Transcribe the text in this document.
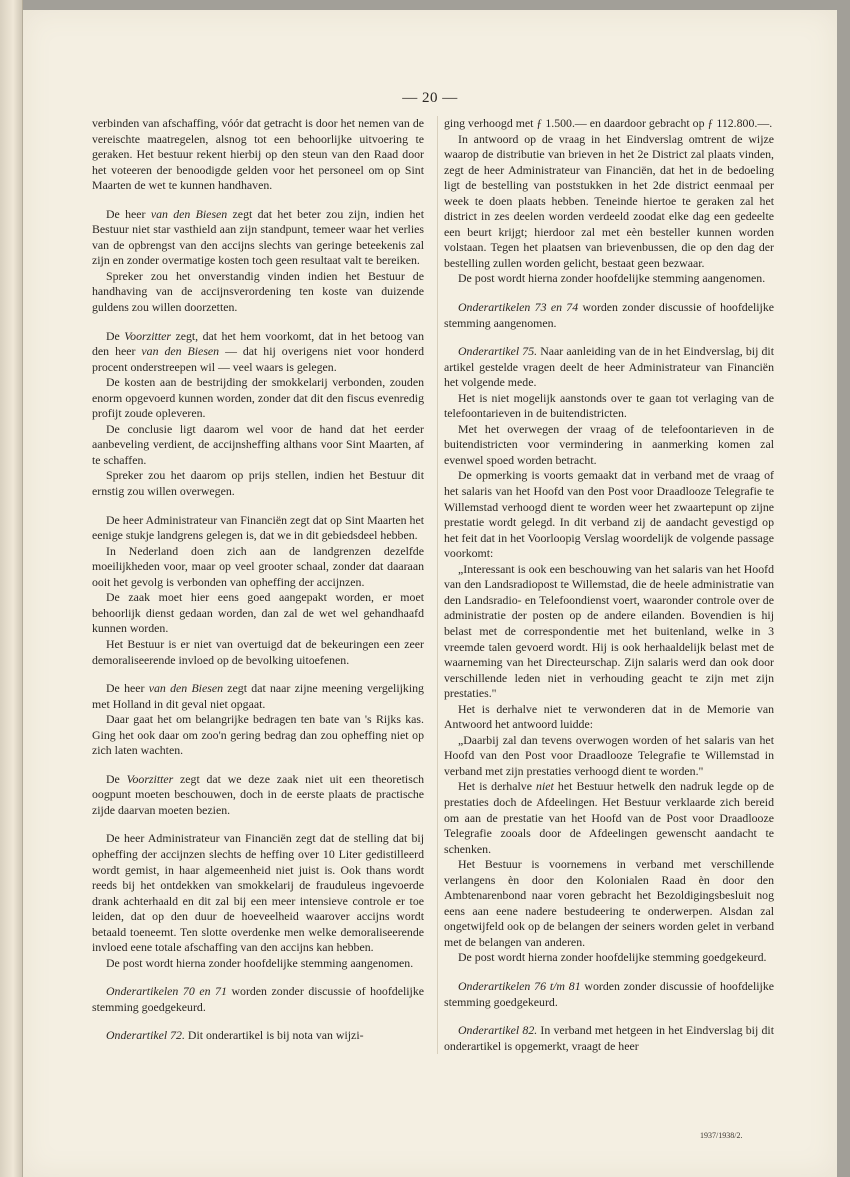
— 20 —

verbinden van afschaffing, vóór dat getracht is door het nemen van de vereischte maatregelen, alsnog tot een behoorlijke uitvoering te geraken. Het bestuur rekent hierbij op den steun van den Raad door het voteeren der benoodigde gelden voor het personeel om op Sint Maarten de wet te kunnen handhaven.

De heer van den Biesen zegt dat het beter zou zijn, indien het Bestuur niet star vasthield aan zijn standpunt, temeer waar het verlies van de opbrengst van den accijns slechts van geringe beteekenis zal zijn en zonder overmatige kosten toch geen resultaat valt te bereiken.

Spreker zou het onverstandig vinden indien het Bestuur de handhaving van de accijnsverordening ten koste van duizende guldens zou willen doorzetten.

De Voorzitter zegt, dat het hem voorkomt, dat in het betoog van den heer van den Biesen — dat hij overigens niet voor honderd procent onderstreepen wil — veel waars is gelegen.

De kosten aan de bestrijding der smokkelarij verbonden, zouden enorm opgevoerd kunnen worden, zonder dat dit den fiscus evenredig profijt zoude opleveren.

De conclusie ligt daarom wel voor de hand dat het eerder aanbeveling verdient, de accijnsheffing althans voor Sint Maarten, af te schaffen.

Spreker zou het daarom op prijs stellen, indien het Bestuur dit ernstig zou willen overwegen.

De heer Administrateur van Financiën zegt dat op Sint Maarten het eenige stukje landgrens gelegen is, dat we in dit gebiedsdeel hebben.

In Nederland doen zich aan de landgrenzen dezelfde moeilijkheden voor, maar op veel grooter schaal, zonder dat daaraan ooit het gevolg is verbonden van opheffing der accijnzen.

De zaak moet hier eens goed aangepakt worden, er moet behoorlijk dienst gedaan worden, dan zal de wet wel gehandhaafd kunnen worden.

Het Bestuur is er niet van overtuigd dat de bekeuringen een zeer demoraliseerende invloed op de bevolking uitoefenen.

De heer van den Biesen zegt dat naar zijne meening vergelijking met Holland in dit geval niet opgaat.

Daar gaat het om belangrijke bedragen ten bate van 's Rijks kas. Ging het ook daar om zoo'n gering bedrag dan zou opheffing niet op zich laten wachten.

De Voorzitter zegt dat we deze zaak niet uit een theoretisch oogpunt moeten beschouwen, doch in de eerste plaats de practische zijde daarvan moeten bezien.

De heer Administrateur van Financiën zegt dat de stelling dat bij opheffing der accijnzen slechts de heffing over 10 Liter gedistilleerd wordt gemist, in haar algemeenheid niet juist is. Ook thans wordt reeds bij het ontdekken van smokkelarij de frauduleus ingevoerde drank achterhaald en dit zal bij een meer intensieve controle er toe leiden, dat op den duur de hoeveelheid waarover accijns wordt betaald toeneemt. Ten slotte overdenke men welke demoraliseerende invloed eene totale afschaffing van den accijns kan hebben.

De post wordt hierna zonder hoofdelijke stemming aangenomen.

Onderartikelen 70 en 71 worden zonder discussie of hoofdelijke stemming goedgekeurd.

Onderartikel 72. Dit onderartikel is bij nota van wijzi-

ging verhoogd met ƒ 1.500.— en daardoor gebracht op ƒ 112.800.—.

In antwoord op de vraag in het Eindverslag omtrent de wijze waarop de distributie van brieven in het 2e District zal plaats vinden, zegt de heer Administrateur van Financiën, dat het in de bedoeling ligt de bestelling van poststukken in het 2de district eenmaal per week te doen plaats hebben. Teneinde hiertoe te geraken zal het district in zes deelen worden verdeeld zoodat elke dag een gedeelte een beurt krijgt; hierdoor zal met eèn besteller kunnen worden volstaan. Tegen het plaatsen van brievenbussen, die op den dag der bestelling zullen worden gelicht, bestaat geen bezwaar.

De post wordt hierna zonder hoofdelijke stemming aangenomen.

Onderartikelen 73 en 74 worden zonder discussie of hoofdelijke stemming aangenomen.

Onderartikel 75. Naar aanleiding van de in het Eindverslag, bij dit artikel gestelde vragen deelt de heer Administrateur van Financiën het volgende mede.

Het is niet mogelijk aanstonds over te gaan tot verlaging van de telefoontarieven in de buitendistricten.

Met het overwegen der vraag of de telefoontarieven in de buitendistricten voor vermindering in aanmerking komen zal evenwel spoed worden betracht.

De opmerking is voorts gemaakt dat in verband met de vraag of het salaris van het Hoofd van den Post voor Draadlooze Telegrafie te Willemstad verhoogd dient te worden weer het zwaartepunt op zijne prestatie wordt gelegd. In dit verband zij de aandacht gevestigd op het feit dat in het Voorloopig Verslag woordelijk de volgende passage voorkomt:

„Interessant is ook een beschouwing van het salaris van het Hoofd van den Landsradiopost te Willemstad, die de heele administratie van den Landsradio- en Telefoondienst voert, waaronder controle over de administratie der posten op de andere eilanden. Bovendien is hij belast met de correspondentie met het buitenland, welke in 3 vreemde talen gevoerd wordt. Hij is ook herhaaldelijk belast met de waarneming van het Directeurschap. Zijn salaris werd dan ook door verschillende leden niet in verhouding geacht te zijn met zijn prestaties."

Het is derhalve niet te verwonderen dat in de Memorie van Antwoord het antwoord luidde:

„Daarbij zal dan tevens overwogen worden of het salaris van het Hoofd van den Post voor Draadlooze Telegrafie te Willemstad in verband met zijn prestaties verhoogd dient te worden."

Het is derhalve niet het Bestuur hetwelk den nadruk legde op de prestaties doch de Afdeelingen. Het Bestuur verklaarde zich bereid om aan de prestatie van het Hoofd van de Post voor Draadlooze Telegrafie zooals door de Afdeelingen gewenscht aandacht te schenken.

Het Bestuur is voornemens in verband met verschillende verlangens èn door den Kolonialen Raad èn door den Ambtenarenbond naar voren gebracht het Bezoldigingsbesluit nog eens aan eene nadere bestudeering te onderwerpen. Alsdan zal ongetwijfeld ook op de belangen der seiners worden gelet in verband met de belangen van anderen.

De post wordt hierna zonder hoofdelijke stemming goedgekeurd.

Onderartikelen 76 t/m 81 worden zonder discussie of hoofdelijke stemming goedgekeurd.

Onderartikel 82. In verband met hetgeen in het Eindverslag bij dit onderartikel is opgemerkt, vraagt de heer

1937/1938/2.
